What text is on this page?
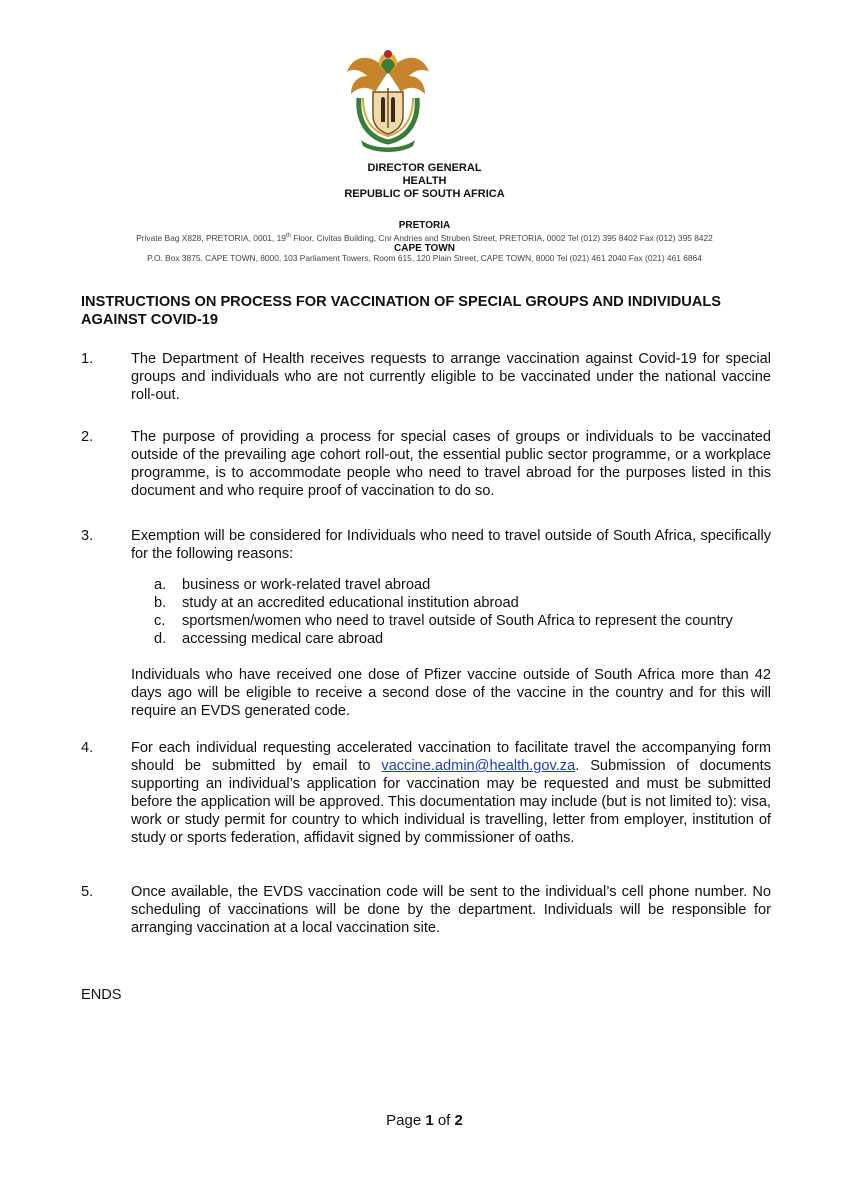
DIRECTOR GENERAL
HEALTH
REPUBLIC OF SOUTH AFRICA
PRETORIA
Private Bag X828, PRETORIA, 0001, 19th Floor, Civitas Building, Cnr Andries and Struben Street, PRETORIA, 0002 Tel (012) 395 8402 Fax (012) 395 8422
CAPE TOWN
P.O. Box 3875, CAPE TOWN, 8000, 103 Parliament Towers, Room 615, 120 Plain Street, CAPE TOWN, 8000 Tel (021) 461 2040 Fax (021) 461 6864
INSTRUCTIONS ON PROCESS FOR VACCINATION OF SPECIAL GROUPS AND INDIVIDUALS AGAINST COVID-19
1.	The Department of Health receives requests to arrange vaccination against Covid-19 for special groups and individuals who are not currently eligible to be vaccinated under the national vaccine roll-out.
2.	The purpose of providing a process for special cases of groups or individuals to be vaccinated outside of the prevailing age cohort roll-out, the essential public sector programme, or a workplace programme, is to accommodate people who need to travel abroad for the purposes listed in this document and who require proof of vaccination to do so.
3.	Exemption will be considered for Individuals who need to travel outside of South Africa, specifically for the following reasons:
a. business or work-related travel abroad
b. study at an accredited educational institution abroad
c. sportsmen/women who need to travel outside of South Africa to represent the country
d. accessing medical care abroad
Individuals who have received one dose of Pfizer vaccine outside of South Africa more than 42 days ago will be eligible to receive a second dose of the vaccine in the country and for this will require an EVDS generated code.
4.	For each individual requesting accelerated vaccination to facilitate travel the accompanying form should be submitted by email to vaccine.admin@health.gov.za. Submission of documents supporting an individual’s application for vaccination may be requested and must be submitted before the application will be approved. This documentation may include (but is not limited to): visa, work or study permit for country to which individual is travelling, letter from employer, institution of study or sports federation, affidavit signed by commissioner of oaths.
5.	Once available, the EVDS vaccination code will be sent to the individual’s cell phone number. No scheduling of vaccinations will be done by the department. Individuals will be responsible for arranging vaccination at a local vaccination site.
ENDS
Page 1 of 2
